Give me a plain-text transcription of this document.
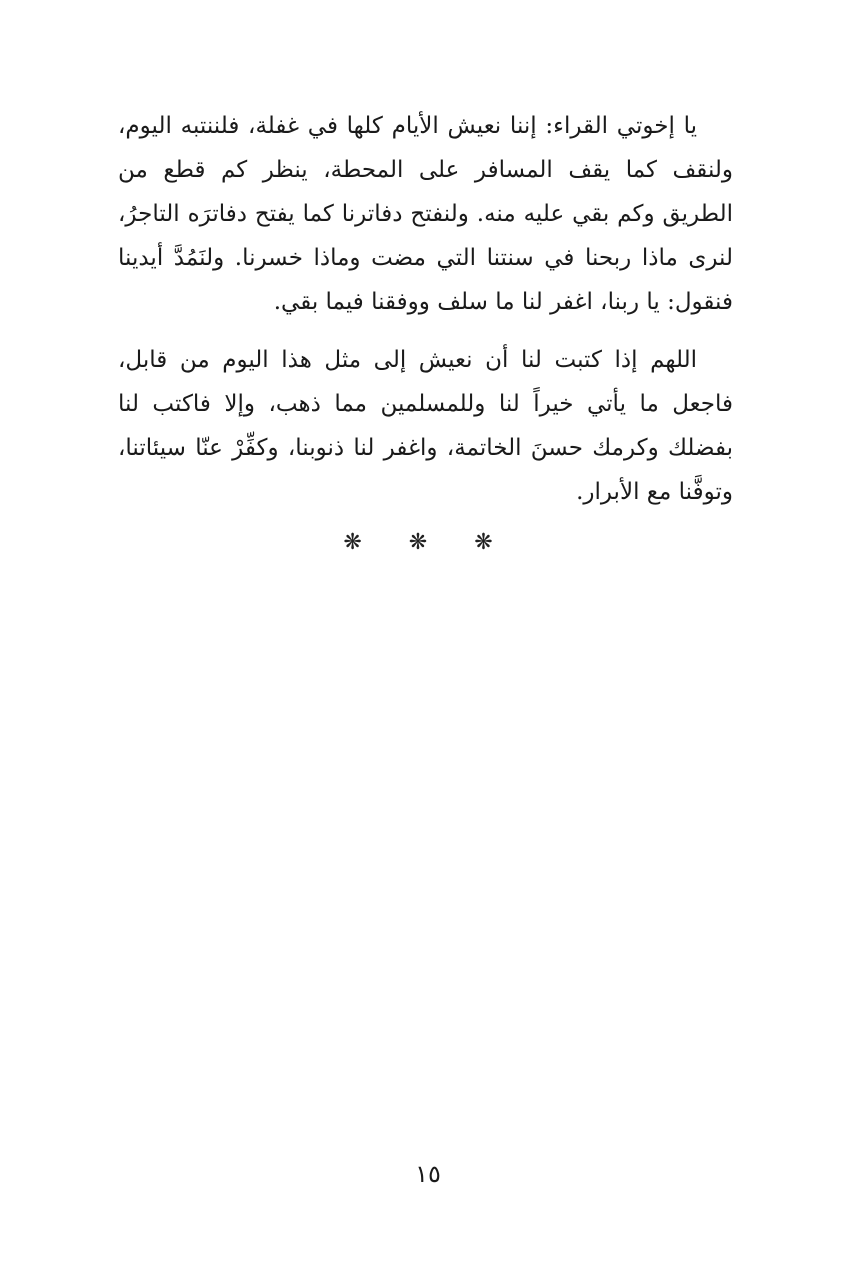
يا إخوتي القراء: إننا نعيش الأيام كلها في غفلة، فلننتبه اليوم، ولنقف كما يقف المسافر على المحطة، ينظر كم قطع من الطريق وكم بقي عليه منه. ولنفتح دفاترنا كما يفتح دفاترَه التاجرُ، لنرى ماذا ربحنا في سنتنا التي مضت وماذا خسرنا. ولنَمُدَّ أيدينا فنقول: يا ربنا، اغفر لنا ما سلف ووفقنا فيما بقي.

اللهم إذا كتبت لنا أن نعيش إلى مثل هذا اليوم من قابل، فاجعل ما يأتي خيراً لنا وللمسلمين مما ذهب، وإلا فاكتب لنا بفضلك وكرمك حسنَ الخاتمة، واغفر لنا ذنوبنا، وكفِّرْ عنّا سيئاتنا، وتوفَّنا مع الأبرار.

❋ ❋ ❋
١٥
